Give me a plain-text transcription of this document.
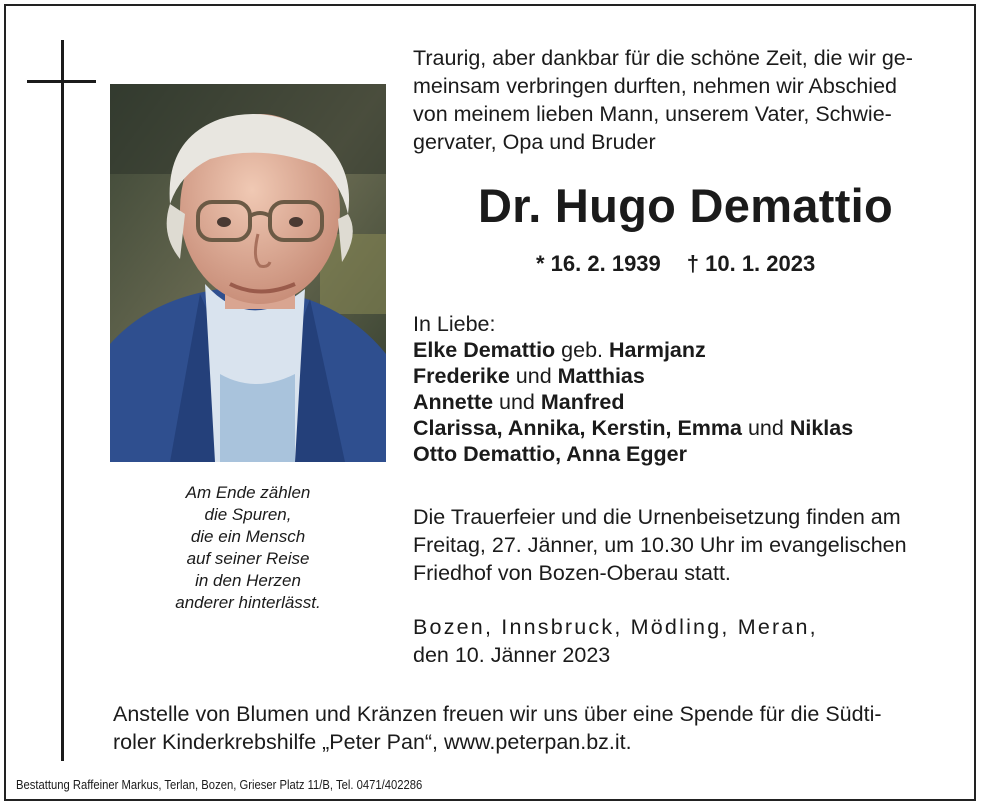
Am Ende zählen
die Spuren,
die ein Mensch
auf seiner Reise
in den Herzen
anderer hinterlässt.

Traurig, aber dankbar für die schöne Zeit, die wir ge-
meinsam verbringen durften, nehmen wir Abschied
von meinem lieben Mann, unserem Vater, Schwie-
gervater, Opa und Bruder

Dr. Hugo Demattio
* 16. 2. 1939 † 10. 1. 2023
In Liebe:
Elke Demattio geb. Harmjanz
Frederike und Matthias
Annette und Manfred
Clarissa, Annika, Kerstin, Emma und Niklas
Otto Demattio, Anna Egger

Die Trauerfeier und die Urnenbeisetzung finden am
Freitag, 27. Jänner, um 10.30 Uhr im evangelischen
Friedhof von Bozen-Oberau statt.

Bozen, Innsbruck, Mödling, Meran,
den 10. Jänner 2023

Anstelle von Blumen und Kränzen freuen wir uns über eine Spende für die Südti-
roler Kinderkrebshilfe „Peter Pan“, www.peterpan.bz.it.

Bestattung Raffeiner Markus, Terlan, Bozen, Grieser Platz 11/B, Tel. 0471/402286
